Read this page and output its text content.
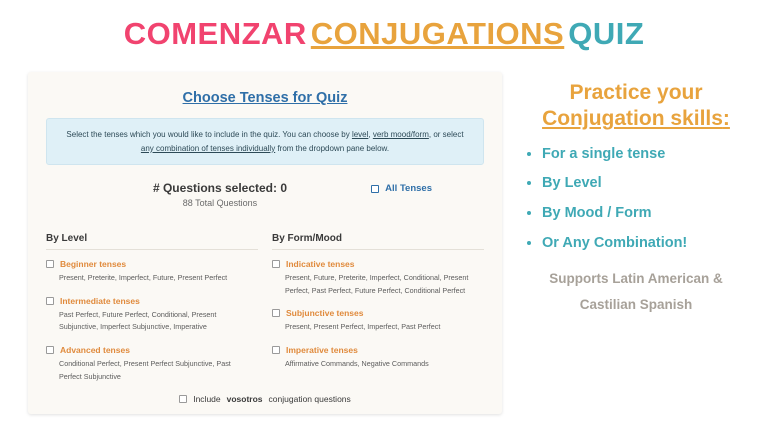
COMENZAR CONJUGATIONS QUIZ
Choose Tenses for Quiz
Select the tenses which you would like to include in the quiz. You can choose by level, verb mood/form, or select any combination of tenses individually from the dropdown pane below.
# Questions selected: 0
88 Total Questions
All Tenses
By Level
Beginner tenses
Present, Preterite, Imperfect, Future, Present Perfect
Intermediate tenses
Past Perfect, Future Perfect, Conditional, Present Subjunctive, Imperfect Subjunctive, Imperative
Advanced tenses
Conditional Perfect, Present Perfect Subjunctive, Past Perfect Subjunctive
By Form/Mood
Indicative tenses
Present, Future, Preterite, Imperfect, Conditional, Present Perfect, Past Perfect, Future Perfect, Conditional Perfect
Subjunctive tenses
Present, Present Perfect, Imperfect, Past Perfect
Imperative tenses
Affirmative Commands, Negative Commands
Include vosotros conjugation questions
Practice your
Conjugation skills:
• For a single tense
• By Level
• By Mood / Form
• Or Any Combination!
Supports Latin American &
Castilian Spanish
